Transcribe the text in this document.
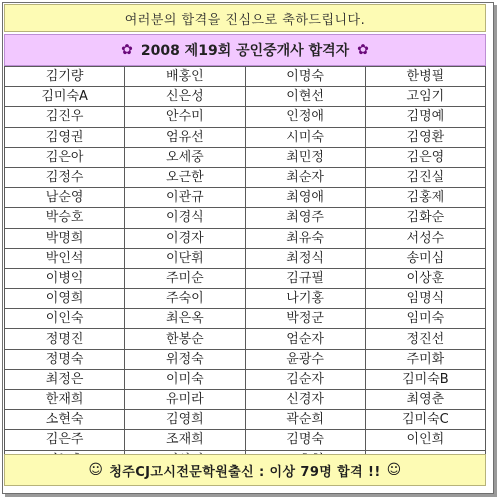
여러분의 합격을 진심으로 축하드립니다.
✿ 2008 제19회 공인중개사 합격자 ✿
김기량	배홍인	이명숙	한병필
김미숙A	신은성	이현선	고임기
김진우	안수미	인정애	김명예
김영권	엄유선	시미숙	김영환
김은아	오세중	최민정	김은영
김정수	오근한	최순자	김진실
남순영	이관규	최영애	김홍제
박승호	이경식	최영주	김화순
박명희	이경자	최유숙	서성수
박인석	이단휘	최정식	송미심
이병익	주미순	김규필	이상훈
이영희	주숙이	나기홍	임명식
이인숙	최은옥	박정군	임미숙
정명진	한봉순	엄순자	정진선
정명숙	위정숙	윤광수	주미화
최정은	이미숙	김순자	김미숙B
한재희	유미라	신경자	최영춘
소현숙	김영희	곽순희	김미숙C
김은주	조재희	김명숙	이인희

☺ 청주CJ고시전문학원출신 : 이상 79명 합격 !! ☺
